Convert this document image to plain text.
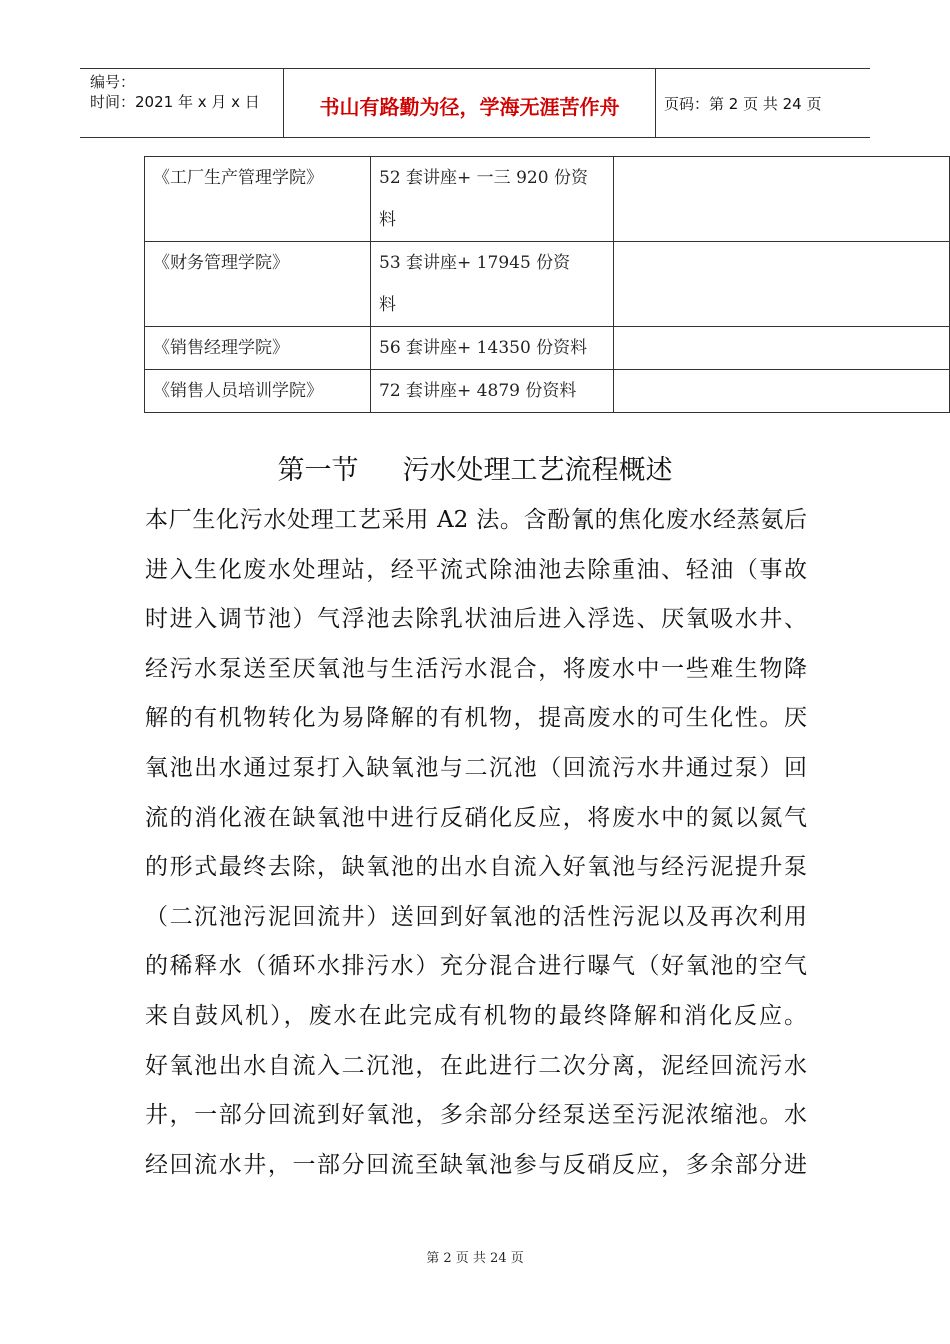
编号：
时间：2021 年 x 月 x 日	书山有路勤为径，学海无涯苦作舟	页码：第 2 页 共 24 页
《工厂生产管理学院》	52 套讲座+ 一三 920 份资
料	

《财务管理学院》	53 套讲座+ 17945 份资
料	

《销售经理学院》	56 套讲座+ 14350 份资料	

《销售人员培训学院》	72 套讲座+ 4879 份资料	

第一节 污水处理工艺流程概述
本厂生化污水处理工艺采用 A2 法。含酚氰的焦化废水经蒸氨后
进入生化废水处理站，经平流式除油池去除重油、轻油（事故
时进入调节池）气浮池去除乳状油后进入浮选、厌氧吸水井、
经污水泵送至厌氧池与生活污水混合，将废水中一些难生物降
解的有机物转化为易降解的有机物，提高废水的可生化性。厌
氧池出水通过泵打入缺氧池与二沉池（回流污水井通过泵）回
流的消化液在缺氧池中进行反硝化反应，将废水中的氮以氮气
的形式最终去除，缺氧池的出水自流入好氧池与经污泥提升泵
（二沉池污泥回流井）送回到好氧池的活性污泥以及再次利用
的稀释水（循环水排污水）充分混合进行曝气（好氧池的空气
来自鼓风机），废水在此完成有机物的最终降解和消化反应。
好氧池出水自流入二沉池，在此进行二次分离，泥经回流污水
井，一部分回流到好氧池，多余部分经泵送至污泥浓缩池。水
经回流水井，一部分回流至缺氧池参与反硝反应，多余部分进
第 2 页 共 24 页
